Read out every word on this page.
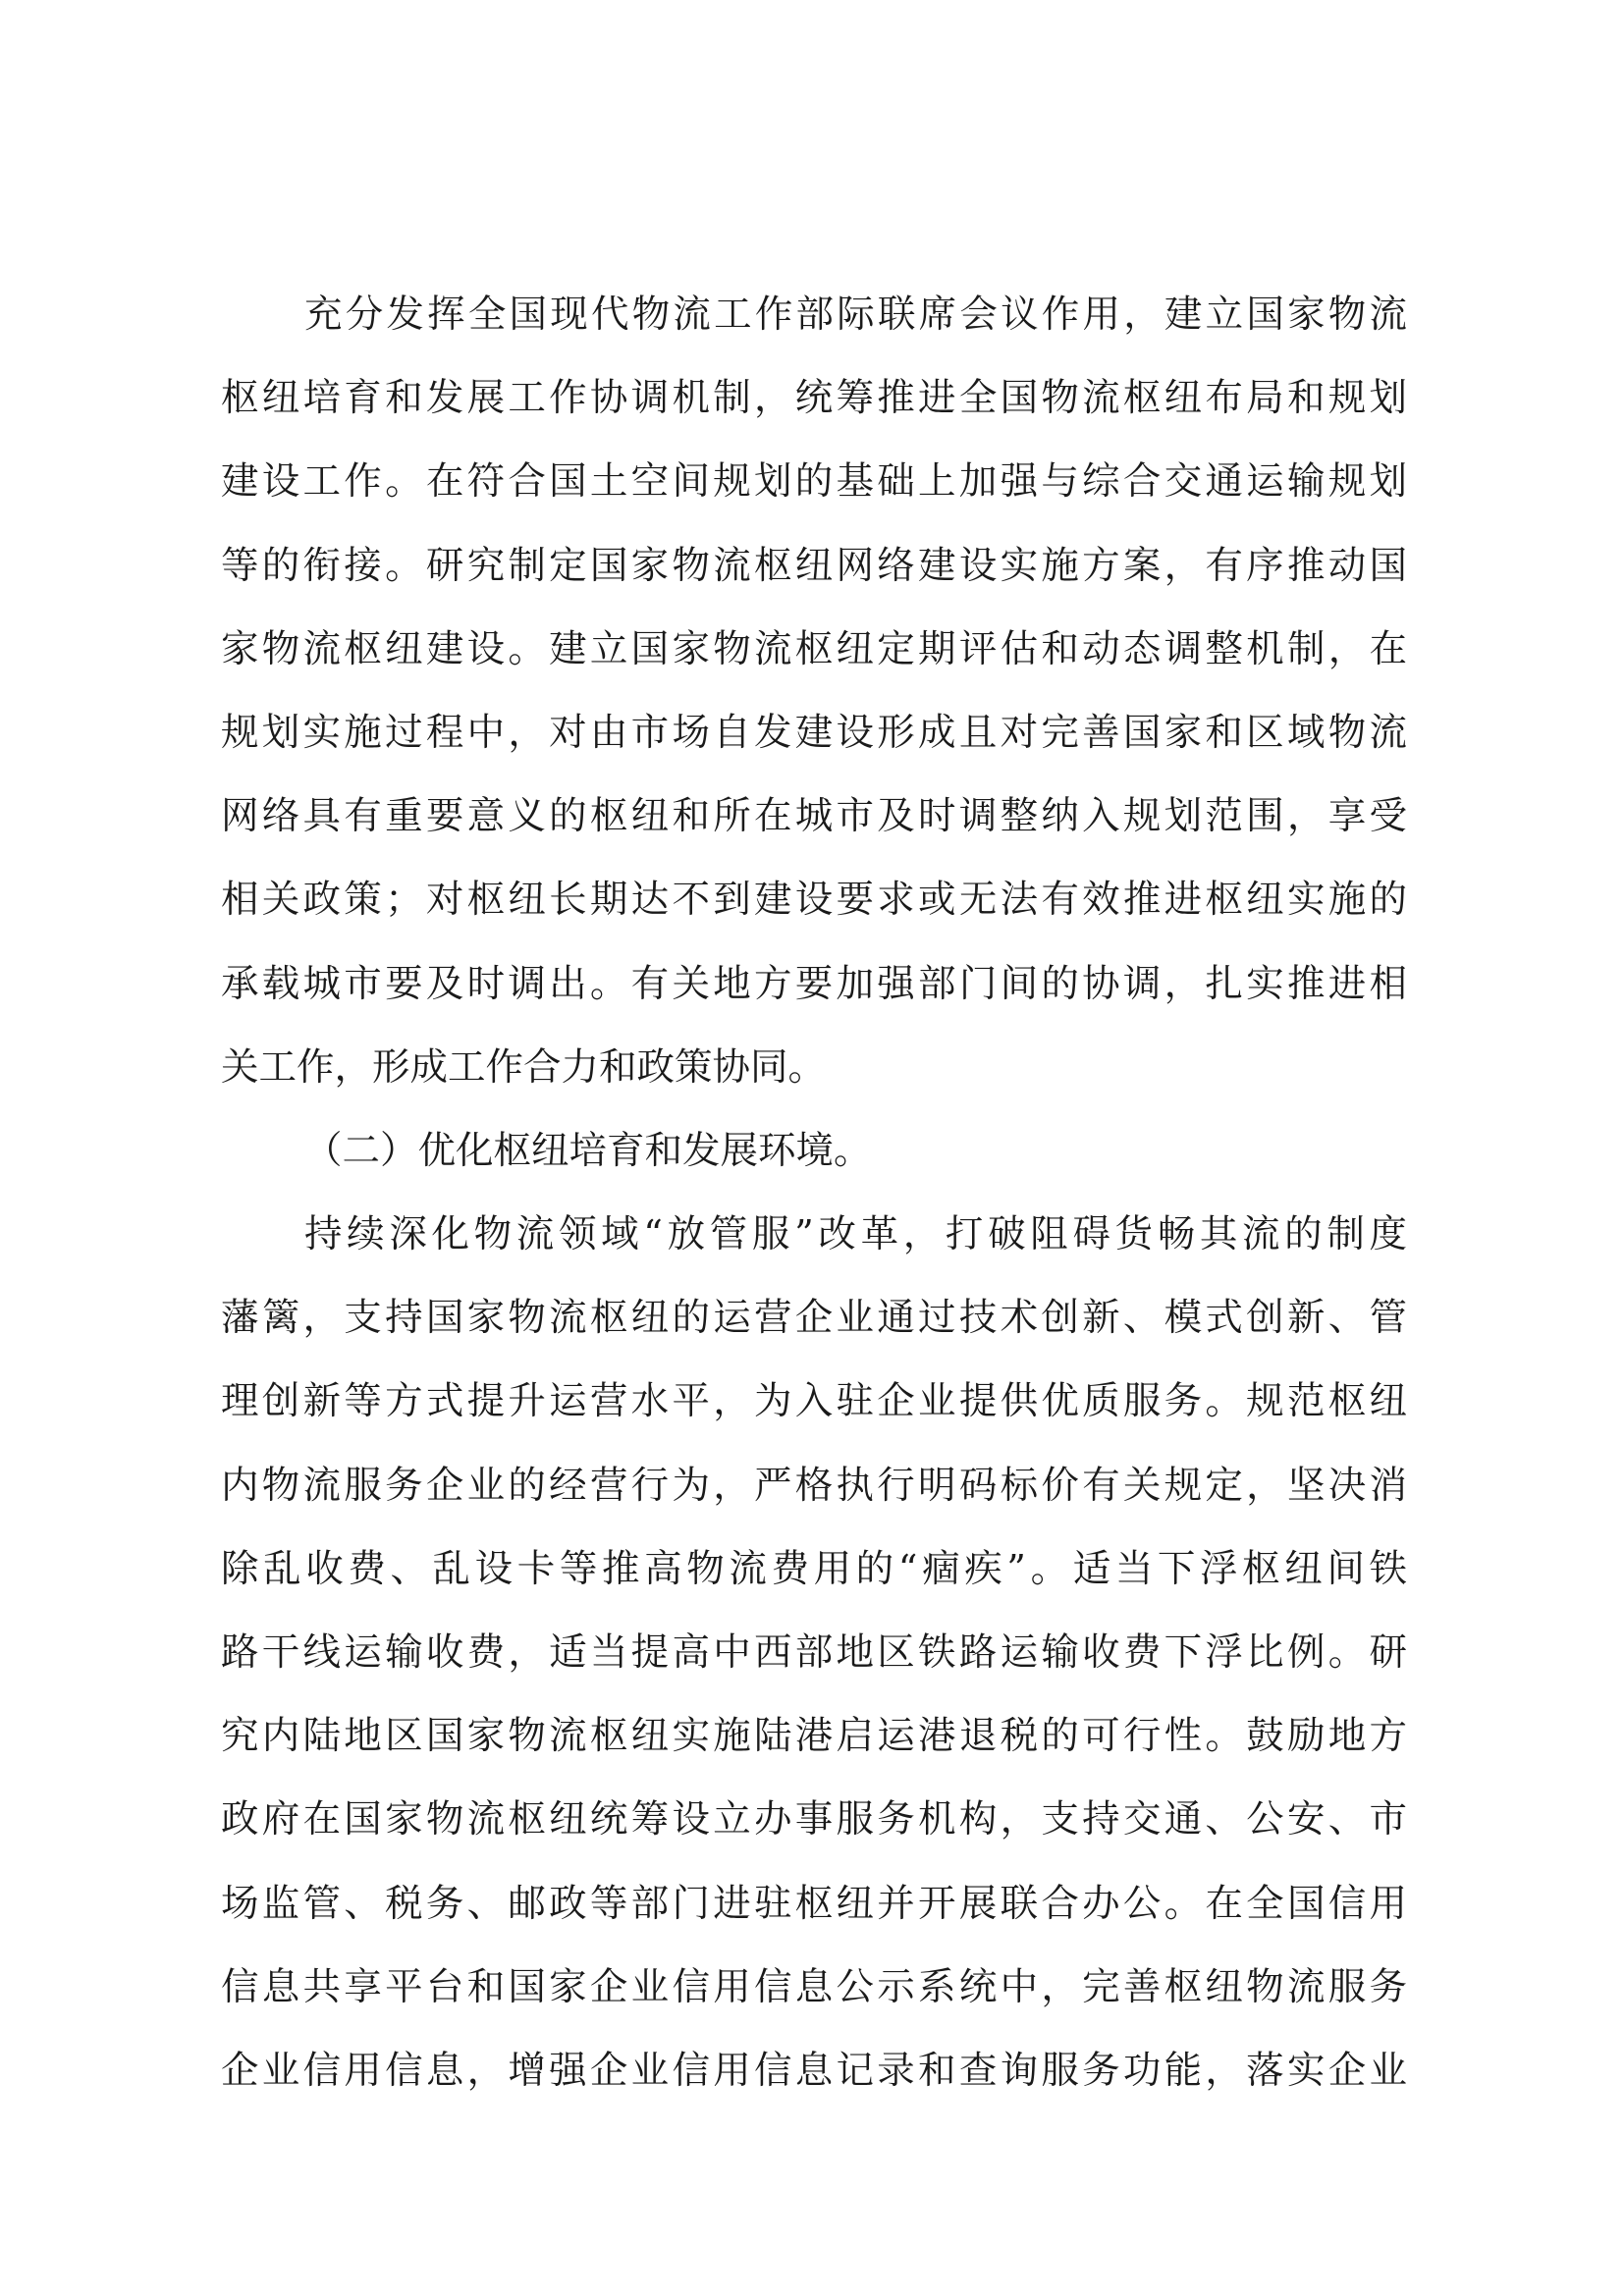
充分发挥全国现代物流工作部际联席会议作用，建立国家物流
枢纽培育和发展工作协调机制，统筹推进全国物流枢纽布局和规划
建设工作。在符合国土空间规划的基础上加强与综合交通运输规划
等的衔接。研究制定国家物流枢纽网络建设实施方案，有序推动国
家物流枢纽建设。建立国家物流枢纽定期评估和动态调整机制，在
规划实施过程中，对由市场自发建设形成且对完善国家和区域物流
网络具有重要意义的枢纽和所在城市及时调整纳入规划范围，享受
相关政策；对枢纽长期达不到建设要求或无法有效推进枢纽实施的
承载城市要及时调出。有关地方要加强部门间的协调，扎实推进相
关工作，形成工作合力和政策协同。
（二）优化枢纽培育和发展环境。
持续深化物流领域“放管服”改革，打破阻碍货畅其流的制度
藩篱，支持国家物流枢纽的运营企业通过技术创新、模式创新、管
理创新等方式提升运营水平，为入驻企业提供优质服务。规范枢纽
内物流服务企业的经营行为，严格执行明码标价有关规定，坚决消
除乱收费、乱设卡等推高物流费用的“痼疾”。适当下浮枢纽间铁
路干线运输收费，适当提高中西部地区铁路运输收费下浮比例。研
究内陆地区国家物流枢纽实施陆港启运港退税的可行性。鼓励地方
政府在国家物流枢纽统筹设立办事服务机构，支持交通、公安、市
场监管、税务、邮政等部门进驻枢纽并开展联合办公。在全国信用
信息共享平台和国家企业信用信息公示系统中，完善枢纽物流服务
企业信用信息，增强企业信用信息记录和查询服务功能，落实企业
